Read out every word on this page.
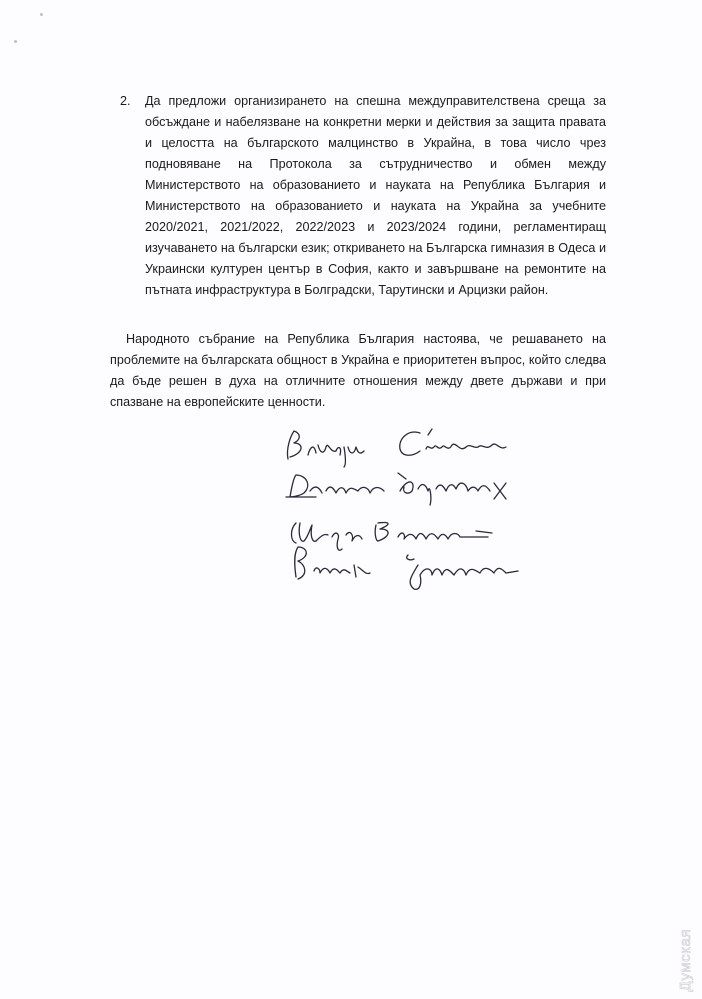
2. Да предложи организирането на спешна междуправителствена среща за обсъждане и набелязване на конкретни мерки и действия за защита правата и целостта на българското малцинство в Украйна, в това число чрез подновяване на Протокола за сътрудничество и обмен между Министерството на образованието и науката на Република България и Министерството на образованието и науката на Украйна за учебните 2020/2021, 2021/2022, 2022/2023 и 2023/2024 години, регламентиращ изучаването на български език; откриването на Българска гимназия в Одеса и Украински културен център в София, както и завършване на ремонтите на пътната инфраструктура в Болградски, Тарутински и Арцизки район.
Народното събрание на Република България настоява, че решаването на проблемите на българската общност в Украйна е приоритетен въпрос, който следва да бъде решен в духа на отличните отношения между двете държави и при спазване на европейските ценности.
Думская
